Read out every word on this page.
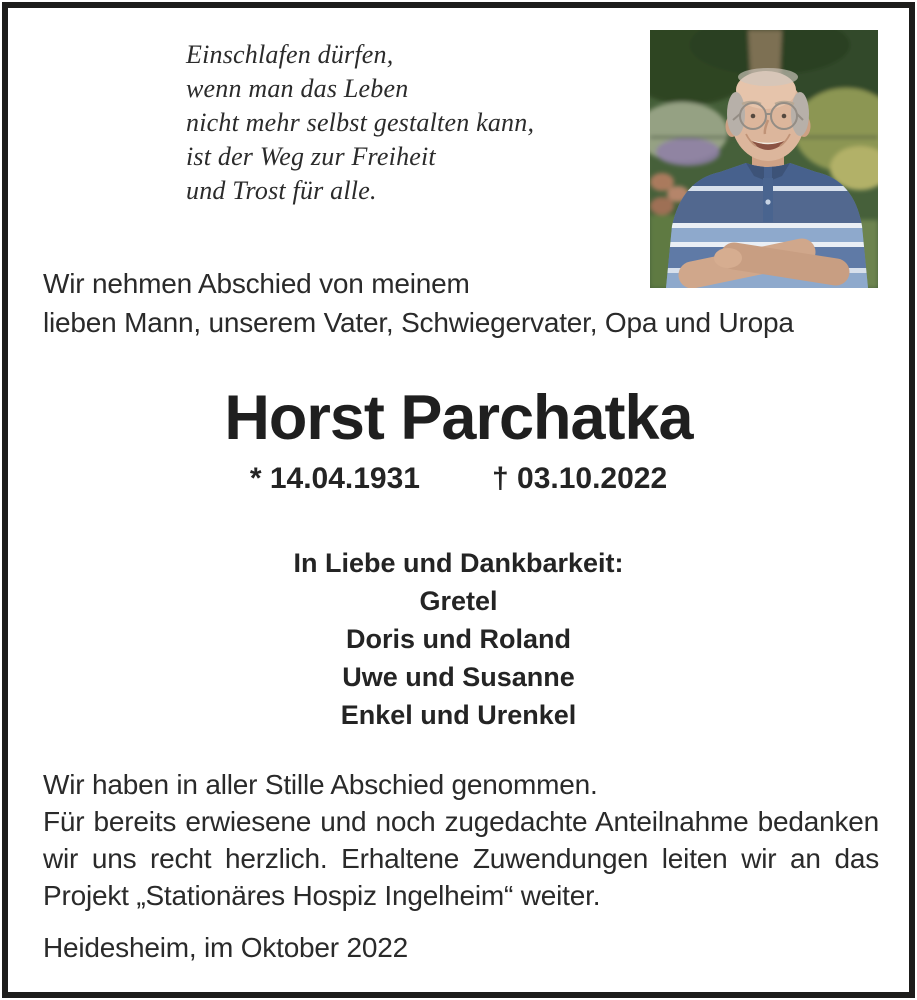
Einschlafen dürfen,
wenn man das Leben
nicht mehr selbst gestalten kann,
ist der Weg zur Freiheit
und Trost für alle.
Wir nehmen Abschied von meinem
lieben Mann, unserem Vater, Schwiegervater, Opa und Uropa
Horst Parchatka
* 14.04.1931 † 03.10.2022
In Liebe und Dankbarkeit:
Gretel
Doris und Roland
Uwe und Susanne
Enkel und Urenkel
Wir haben in aller Stille Abschied genommen.
Für bereits erwiesene und noch zugedachte Anteilnahme bedanken
wir uns recht herzlich. Erhaltene Zuwendungen leiten wir an das
Projekt „Stationäres Hospiz Ingelheim“ weiter.
Heidesheim, im Oktober 2022
